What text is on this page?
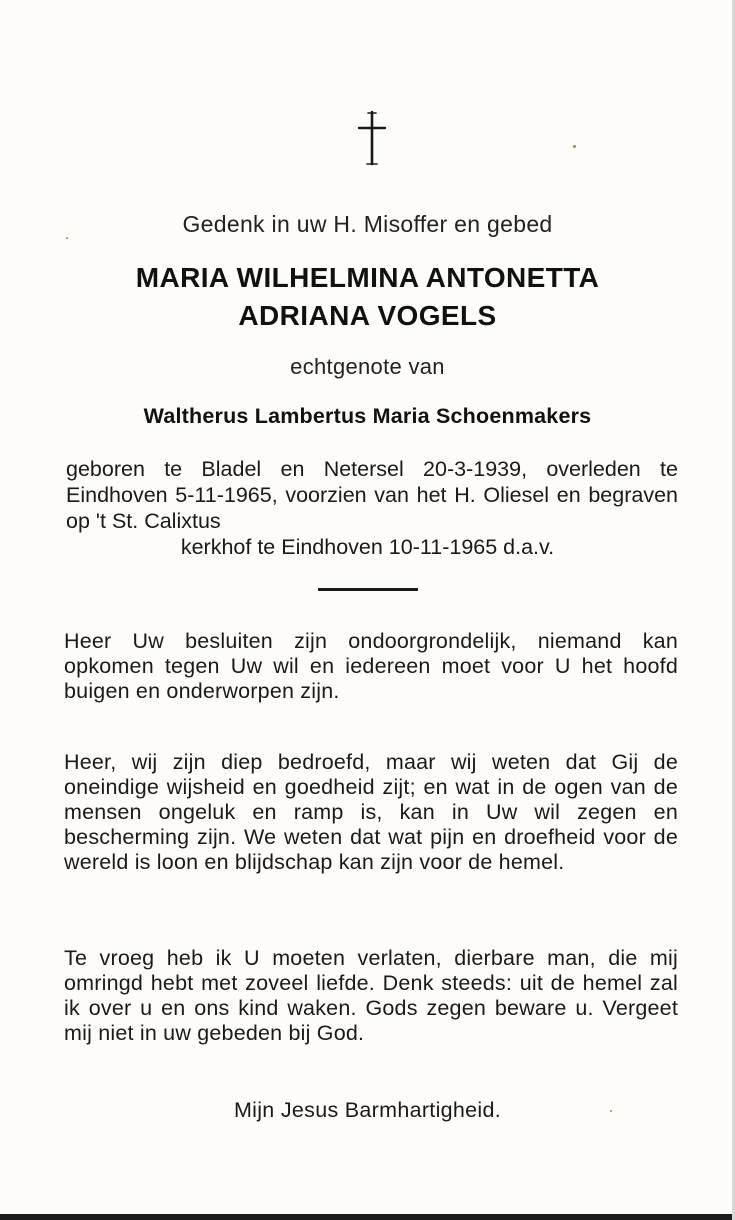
Gedenk in uw H. Misoffer en gebed
MARIA WILHELMINA ANTONETTA
ADRIANA VOGELS
echtgenote van
Waltherus Lambertus Maria Schoenmakers
geboren te Bladel en Netersel 20-3-1939, overleden te Eindhoven 5-11-1965, voorzien van het H. Oliesel en begraven op 't St. Calixtus
kerkhof te Eindhoven 10-11-1965 d.a.v.
Heer Uw besluiten zijn ondoorgrondelijk, niemand kan opkomen tegen Uw wil en iedereen moet voor U het hoofd buigen en onderworpen zijn.
Heer, wij zijn diep bedroefd, maar wij weten dat Gij de oneindige wijsheid en goedheid zijt; en wat in de ogen van de mensen ongeluk en ramp is, kan in Uw wil zegen en bescherming zijn. We weten dat wat pijn en droefheid voor de wereld is loon en blijdschap kan zijn voor de hemel.
Te vroeg heb ik U moeten verlaten, dierbare man, die mij omringd hebt met zoveel liefde. Denk steeds: uit de hemel zal ik over u en ons kind waken. Gods zegen beware u. Vergeet mij niet in uw gebeden bij God.
Mijn Jesus Barmhartigheid.
